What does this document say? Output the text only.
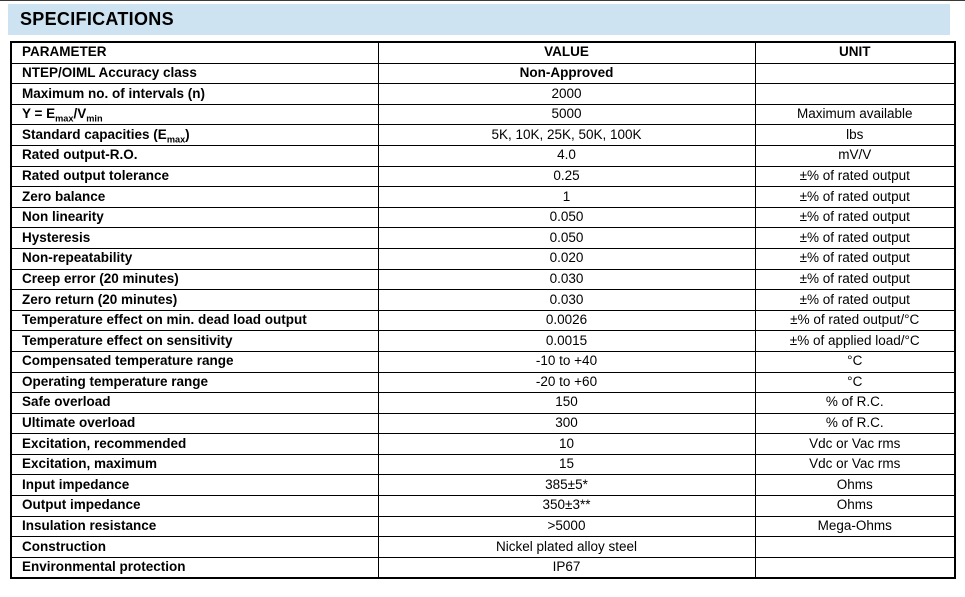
SPECIFICATIONS
PARAMETER	VALUE	UNIT
NTEP/OIML Accuracy class	Non-Approved	
Maximum no. of intervals (n)	2000	
$Y = E_{max}/V_{min}$	5000	Maximum available
Standard capacities $(E_{max})$	5K, 10K, 25K, 50K, 100K	lbs
Rated output-R.O.	4.0	mV/V
Rated output tolerance	0.25	±% of rated output
Zero balance	1	±% of rated output
Non linearity	0.050	±% of rated output
Hysteresis	0.050	±% of rated output
Non-repeatability	0.020	±% of rated output
Creep error (20 minutes)	0.030	±% of rated output
Zero return (20 minutes)	0.030	±% of rated output
Temperature effect on min. dead load output	0.0026	±% of rated output/°C
Temperature effect on sensitivity	0.0015	±% of applied load/°C
Compensated temperature range	-10 to +40	°C
Operating temperature range	-20 to +60	°C
Safe overload	150	% of R.C.
Ultimate overload	300	% of R.C.
Excitation, recommended	10	Vdc or Vac rms
Excitation, maximum	15	Vdc or Vac rms
Input impedance	385±5*	Ohms
Output impedance	350±3**	Ohms
Insulation resistance	>5000	Mega-Ohms
Construction	Nickel plated alloy steel	
Environmental protection	IP67	
